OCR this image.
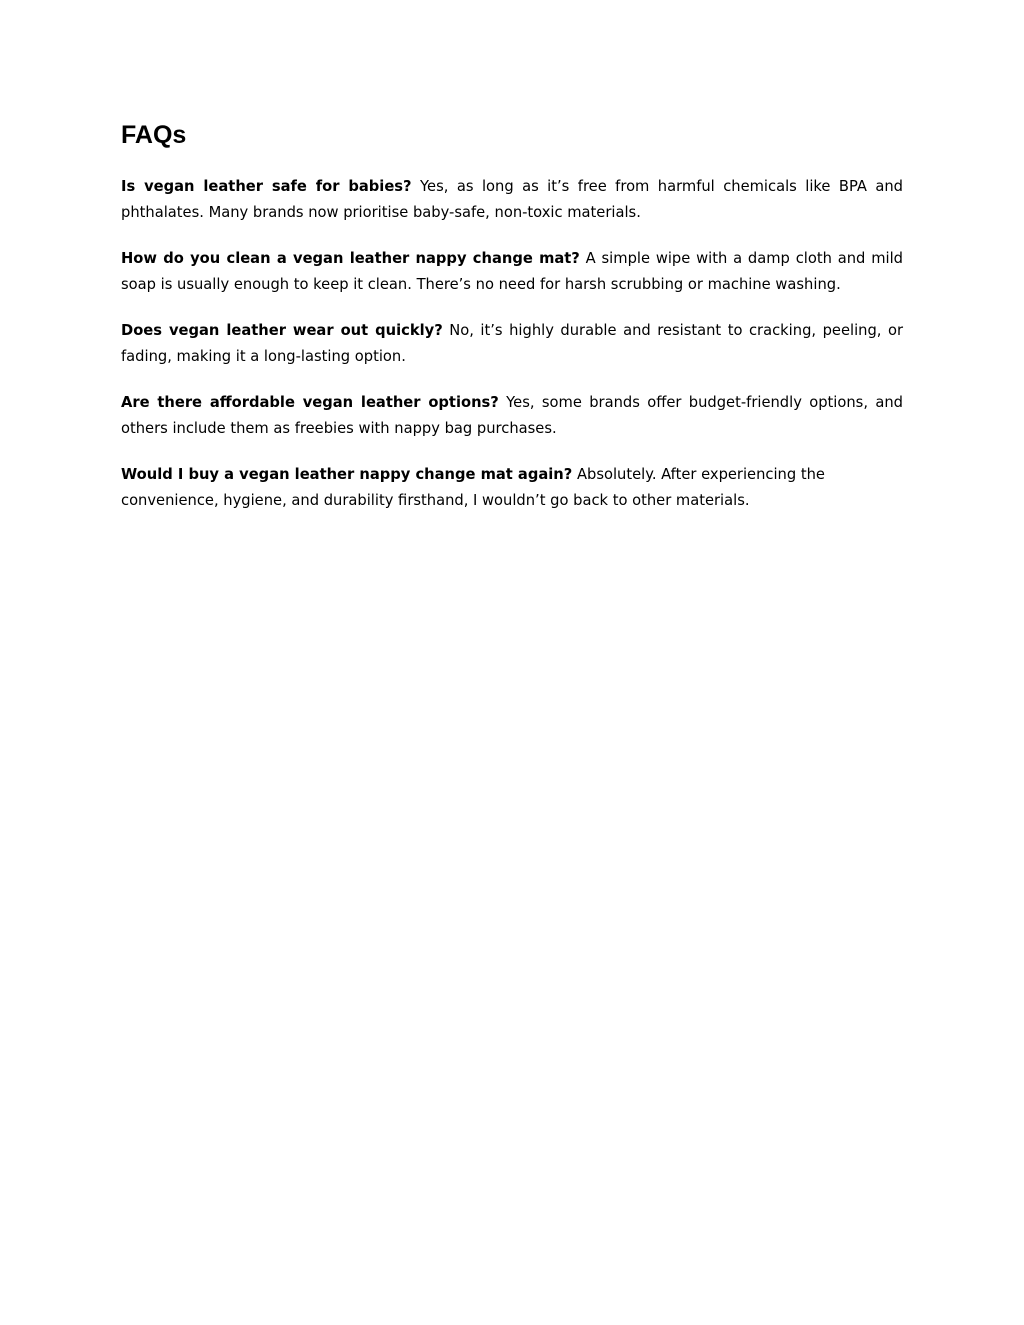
FAQs

Is vegan leather safe for babies? Yes, as long as it’s free from harmful chemicals like BPA and phthalates. Many brands now prioritise baby-safe, non-toxic materials.

How do you clean a vegan leather nappy change mat? A simple wipe with a damp cloth and mild soap is usually enough to keep it clean. There’s no need for harsh scrubbing or machine washing.

Does vegan leather wear out quickly? No, it’s highly durable and resistant to cracking, peeling, or fading, making it a long-lasting option.

Are there affordable vegan leather options? Yes, some brands offer budget-friendly options, and others include them as freebies with nappy bag purchases.

Would I buy a vegan leather nappy change mat again? Absolutely. After experiencing the convenience, hygiene, and durability firsthand, I wouldn’t go back to other materials.
